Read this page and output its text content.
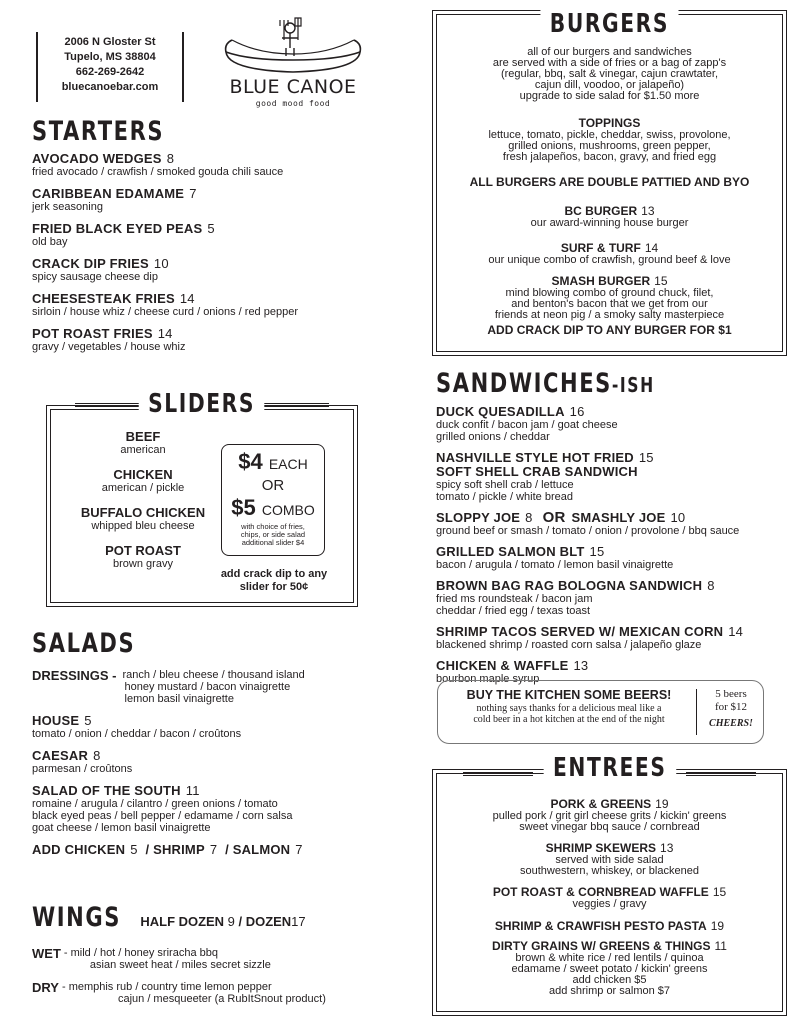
2006 N Gloster St
Tupelo, MS 38804
662-269-2642
bluecanoebar.com	BLUE CANOE
good mood food
STARTERS
AVOCADO WEDGES 8
fried avocado / crawfish / smoked gouda chili sauce
CARIBBEAN EDAMAME 7
jerk seasoning
FRIED BLACK EYED PEAS 5
old bay
CRACK DIP FRIES 10
spicy sausage cheese dip
CHEESESTEAK FRIES 14
sirloin / house whiz / cheese curd / onions / red pepper
POT ROAST FRIES 14
gravy / vegetables / house whiz
SLIDERS
BEEF
american
CHICKEN
american / pickle
BUFFALO CHICKEN
whipped bleu cheese
POT ROAST
brown gravy
$4 EACH
OR
$5 COMBO
with choice of fries,
chips, or side salad
additional slider $4
add crack dip to any slider for 50¢
SALADS
DRESSINGS - ranch / bleu cheese / thousand island
honey mustard / bacon vinaigrette
lemon basil vinaigrette
HOUSE 5
tomato / onion / cheddar / bacon / croûtons
CAESAR 8
parmesan / croûtons
SALAD OF THE SOUTH 11
romaine / arugula / cilantro / green onions / tomato
black eyed peas / bell pepper / edamame / corn salsa
goat cheese / lemon basil vinaigrette
ADD CHICKEN 5 / SHRIMP 7 / SALMON 7
WINGS HALF DOZEN 9 / DOZEN17
WET - mild / hot / honey sriracha bbq
asian sweet heat / miles secret sizzle
DRY - memphis rub / country time lemon pepper
cajun / mesqueeter (a RubItSnout product)
BURGERS
all of our burgers and sandwiches
are served with a side of fries or a bag of zapp's
(regular, bbq, salt & vinegar, cajun crawtater,
cajun dill, voodoo, or jalapeño)
upgrade to side salad for $1.50 more
TOPPINGS
lettuce, tomato, pickle, cheddar, swiss, provolone,
grilled onions, mushrooms, green pepper,
fresh jalapeños, bacon, gravy, and fried egg
ALL BURGERS ARE DOUBLE PATTIED AND BYO
BC BURGER 13
our award-winning house burger
SURF & TURF 14
our unique combo of crawfish, ground beef & love
SMASH BURGER 15
mind blowing combo of ground chuck, filet,
and benton's bacon that we get from our
friends at neon pig / a smoky salty masterpiece
ADD CRACK DIP TO ANY BURGER FOR $1
SANDWICHES-ISH
DUCK QUESADILLA 16
duck confit / bacon jam / goat cheese
grilled onions / cheddar
NASHVILLE STYLE HOT FRIED 15
SOFT SHELL CRAB SANDWICH
spicy soft shell crab / lettuce
tomato / pickle / white bread
SLOPPY JOE 8 OR SMASHLY JOE 10
ground beef or smash / tomato / onion / provolone / bbq sauce
GRILLED SALMON BLT 15
bacon / arugula / tomato / lemon basil vinaigrette
BROWN BAG RAG BOLOGNA SANDWICH 8
fried ms roundsteak / bacon jam
cheddar / fried egg / texas toast
SHRIMP TACOS SERVED W/ MEXICAN CORN 14
blackened shrimp / roasted corn salsa / jalapeño glaze
CHICKEN & WAFFLE 13
bourbon maple syrup
BUY THE KITCHEN SOME BEERS!
nothing says thanks for a delicious meal like a
cold beer in a hot kitchen at the end of the night
5 beers
for $12
CHEERS!
ENTREES
PORK & GREENS 19
pulled pork / grit girl cheese grits / kickin' greens
sweet vinegar bbq sauce / cornbread
SHRIMP SKEWERS 13
served with side salad
southwestern, whiskey, or blackened
POT ROAST & CORNBREAD WAFFLE 15
veggies / gravy
SHRIMP & CRAWFISH PESTO PASTA 19
DIRTY GRAINS W/ GREENS & THINGS 11
brown & white rice / red lentils / quinoa
edamame / sweet potato / kickin' greens
add chicken $5
add shrimp or salmon $7
